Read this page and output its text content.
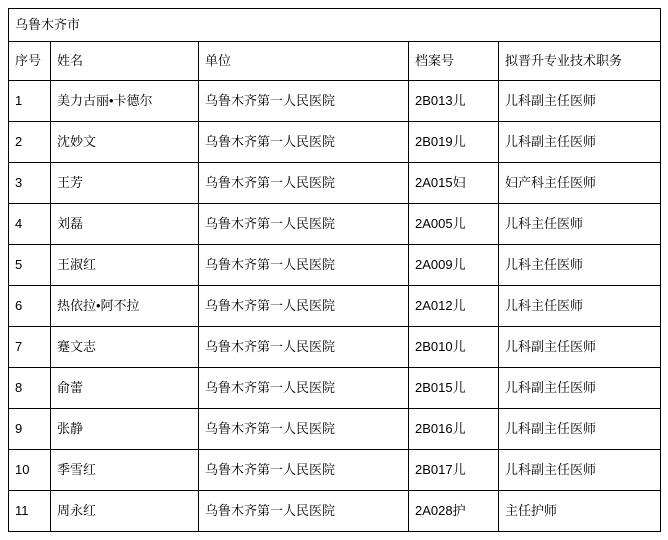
乌鲁木齐市				
序号	姓名	单位	档案号	拟晋升专业技术职务
1	美力古丽•卡德尔	乌鲁木齐第一人民医院	2B013儿	儿科副主任医师
2	沈妙文	乌鲁木齐第一人民医院	2B019儿	儿科副主任医师
3	王芳	乌鲁木齐第一人民医院	2A015妇	妇产科主任医师
4	刘磊	乌鲁木齐第一人民医院	2A005儿	儿科主任医师
5	王淑红	乌鲁木齐第一人民医院	2A009儿	儿科主任医师
6	热依拉•阿不拉	乌鲁木齐第一人民医院	2A012儿	儿科主任医师
7	蹇文志	乌鲁木齐第一人民医院	2B010儿	儿科副主任医师
8	俞蕾	乌鲁木齐第一人民医院	2B015儿	儿科副主任医师
9	张静	乌鲁木齐第一人民医院	2B016儿	儿科副主任医师
10	季雪红	乌鲁木齐第一人民医院	2B017儿	儿科副主任医师
11	周永红	乌鲁木齐第一人民医院	2A028护	主任护师
